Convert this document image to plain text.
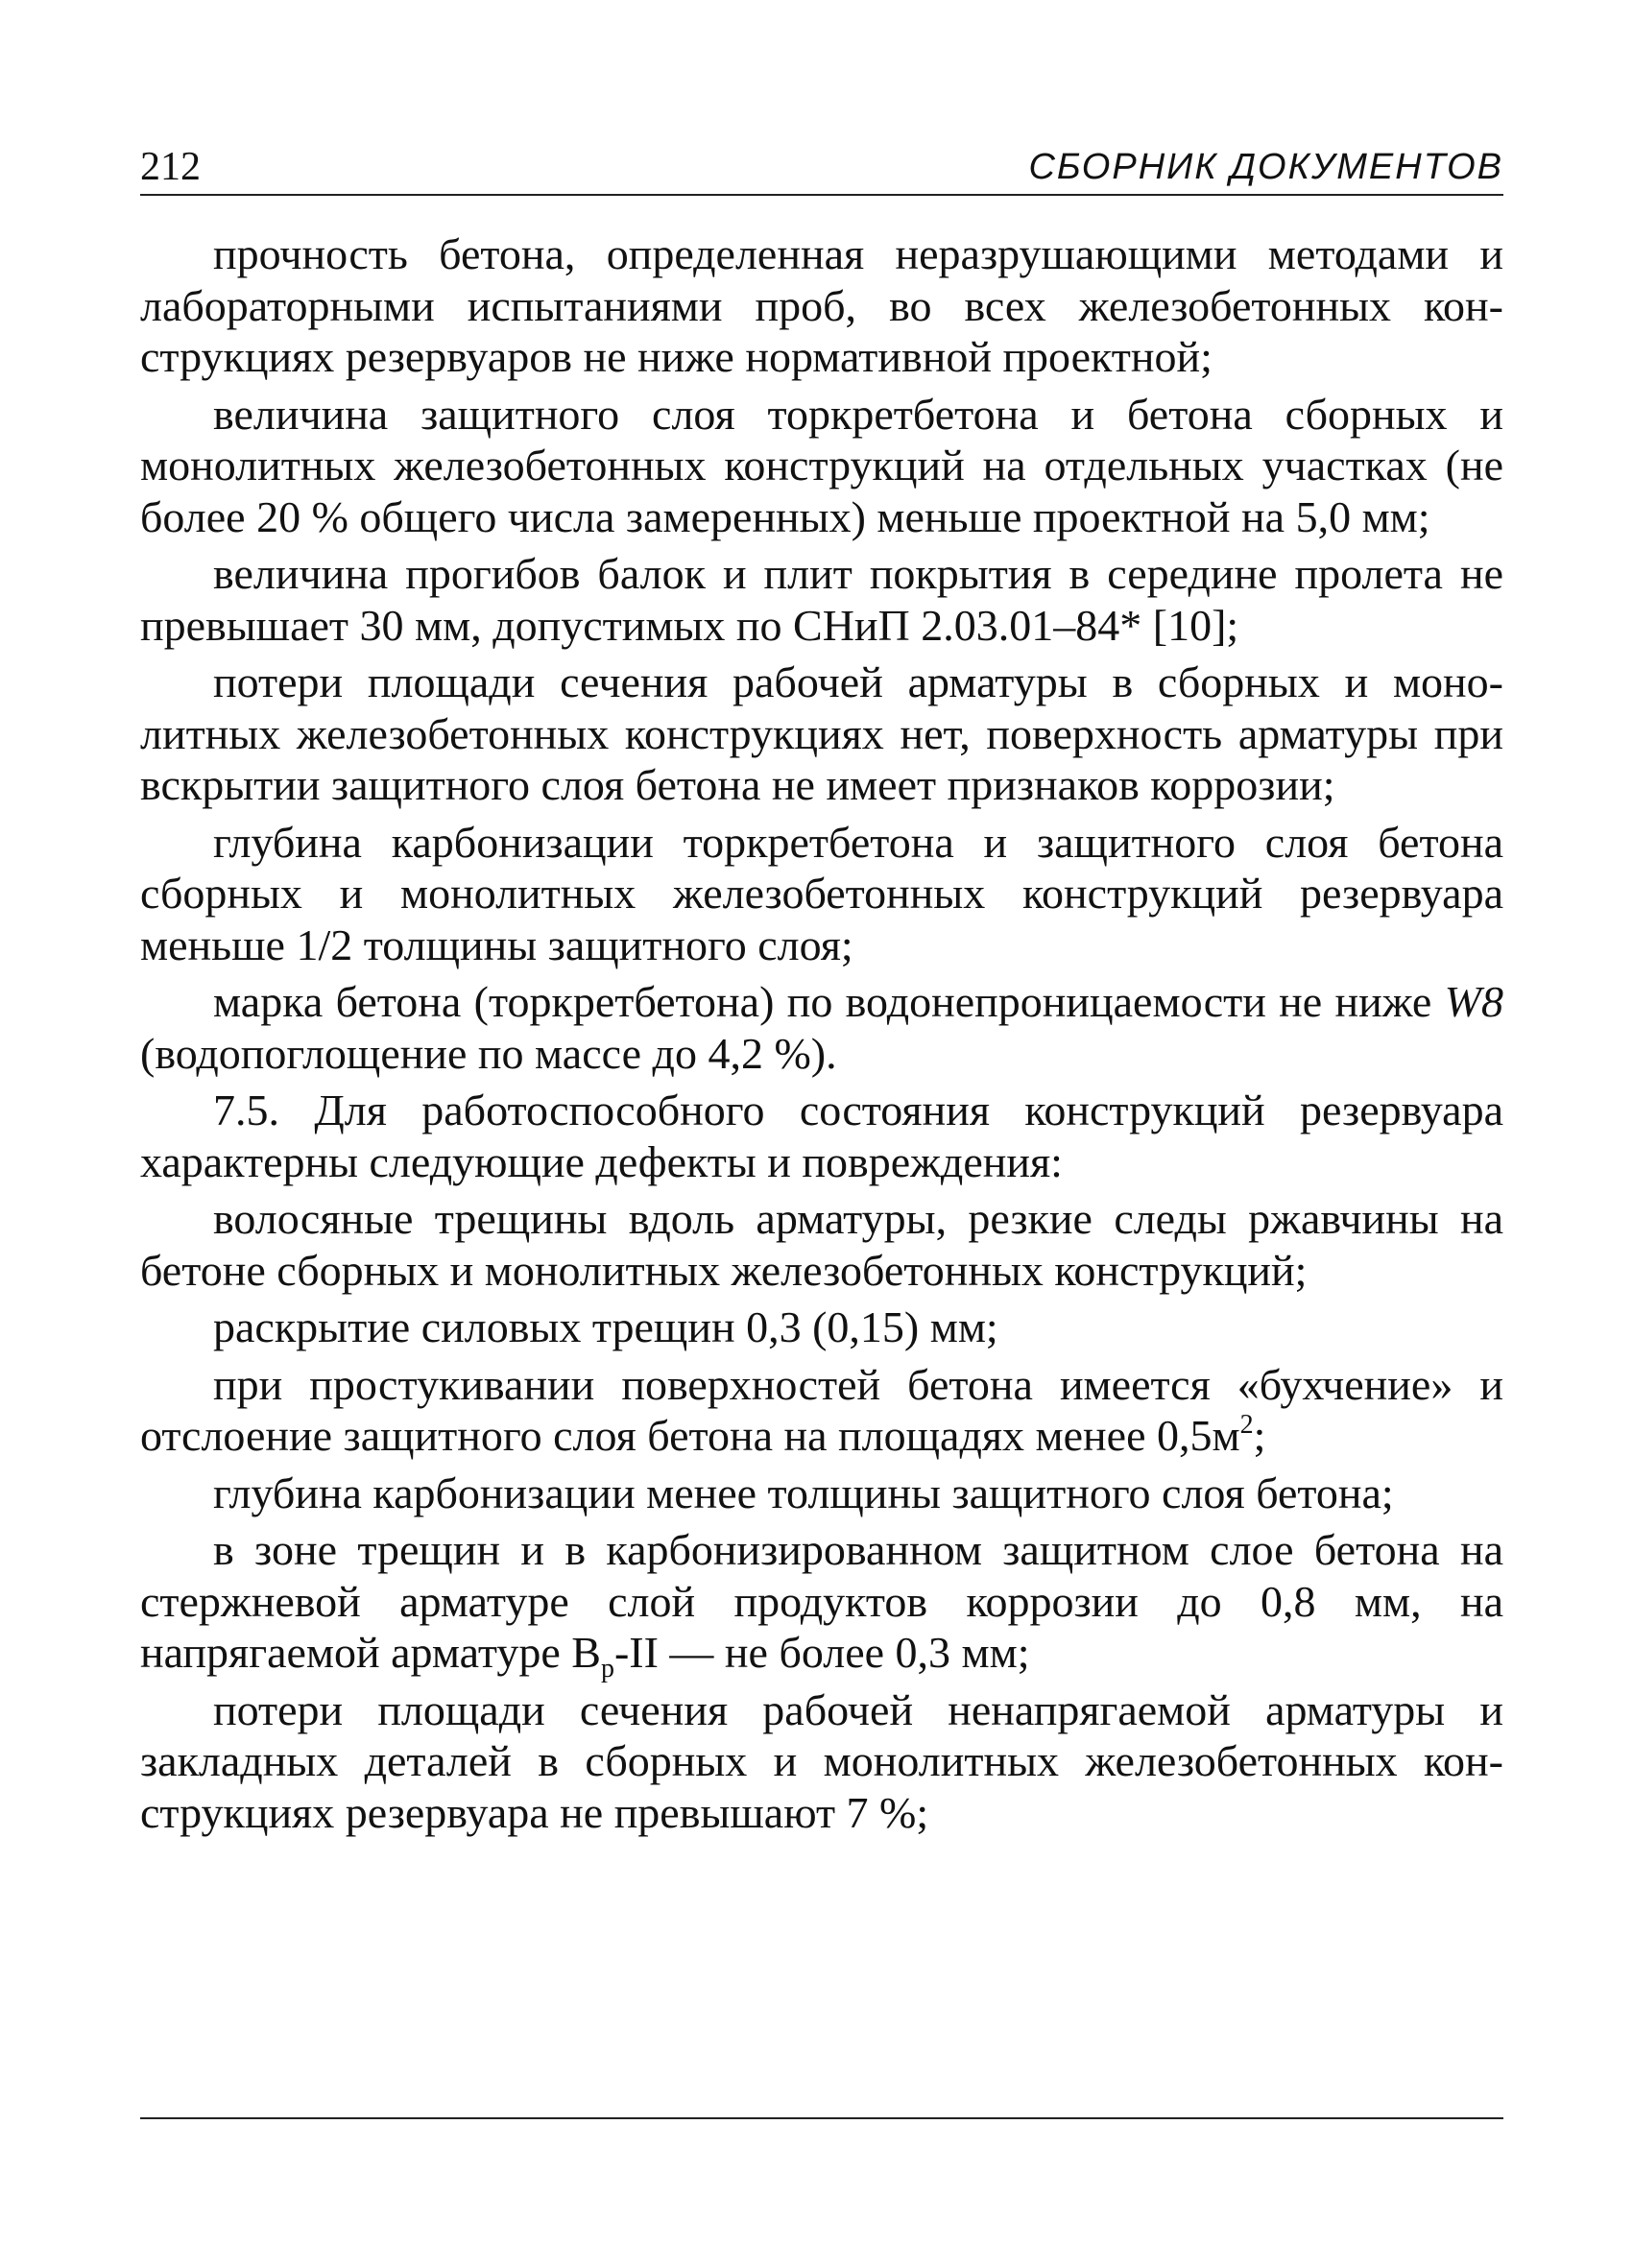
212	СБОРНИК ДОКУМЕНТОВ

прочность бетона, определенная неразрушающими методами и лабораторными испытаниями проб, во всех железобетонных конструкциях резервуаров не ниже нормативной проектной;

величина защитного слоя торкретбетона и бетона сборных и монолитных железобетонных конструкций на отдельных участках (не более 20 % общего числа замеренных) меньше проектной на 5,0 мм;

величина прогибов балок и плит покрытия в середине пролета не превышает 30 мм, допустимых по СНиП 2.03.01–84* [10];

потери площади сечения рабочей арматуры в сборных и монолитных железобетонных конструкциях нет, поверхность арматуры при вскрытии защитного слоя бетона не имеет признаков коррозии;

глубина карбонизации торкретбетона и защитного слоя бетона сборных и монолитных железобетонных конструкций резервуара меньше 1/2 толщины защитного слоя;

марка бетона (торкретбетона) по водонепроницаемости не ниже W8 (водопоглощение по массе до 4,2 %).

7.5. Для работоспособного состояния конструкций резервуара характерны следующие дефекты и повреждения:

волосяные трещины вдоль арматуры, резкие следы ржавчины на бетоне сборных и монолитных железобетонных конструкций;

раскрытие силовых трещин 0,3 (0,15) мм;

при простукивании поверхностей бетона имеется «бухчение» и отслоение защитного слоя бетона на площадях менее $0,5м^2$;

глубина карбонизации менее толщины защитного слоя бетона;

в зоне трещин и в карбонизированном защитном слое бетона на стержневой арматуре слой продуктов коррозии до 0,8 мм, на напрягаемой арматуре $В_р-II$ — не более 0,3 мм;

потери площади сечения рабочей ненапрягаемой арматуры и закладных деталей в сборных и монолитных железобетонных конструкциях резервуара не превышают 7 %;
